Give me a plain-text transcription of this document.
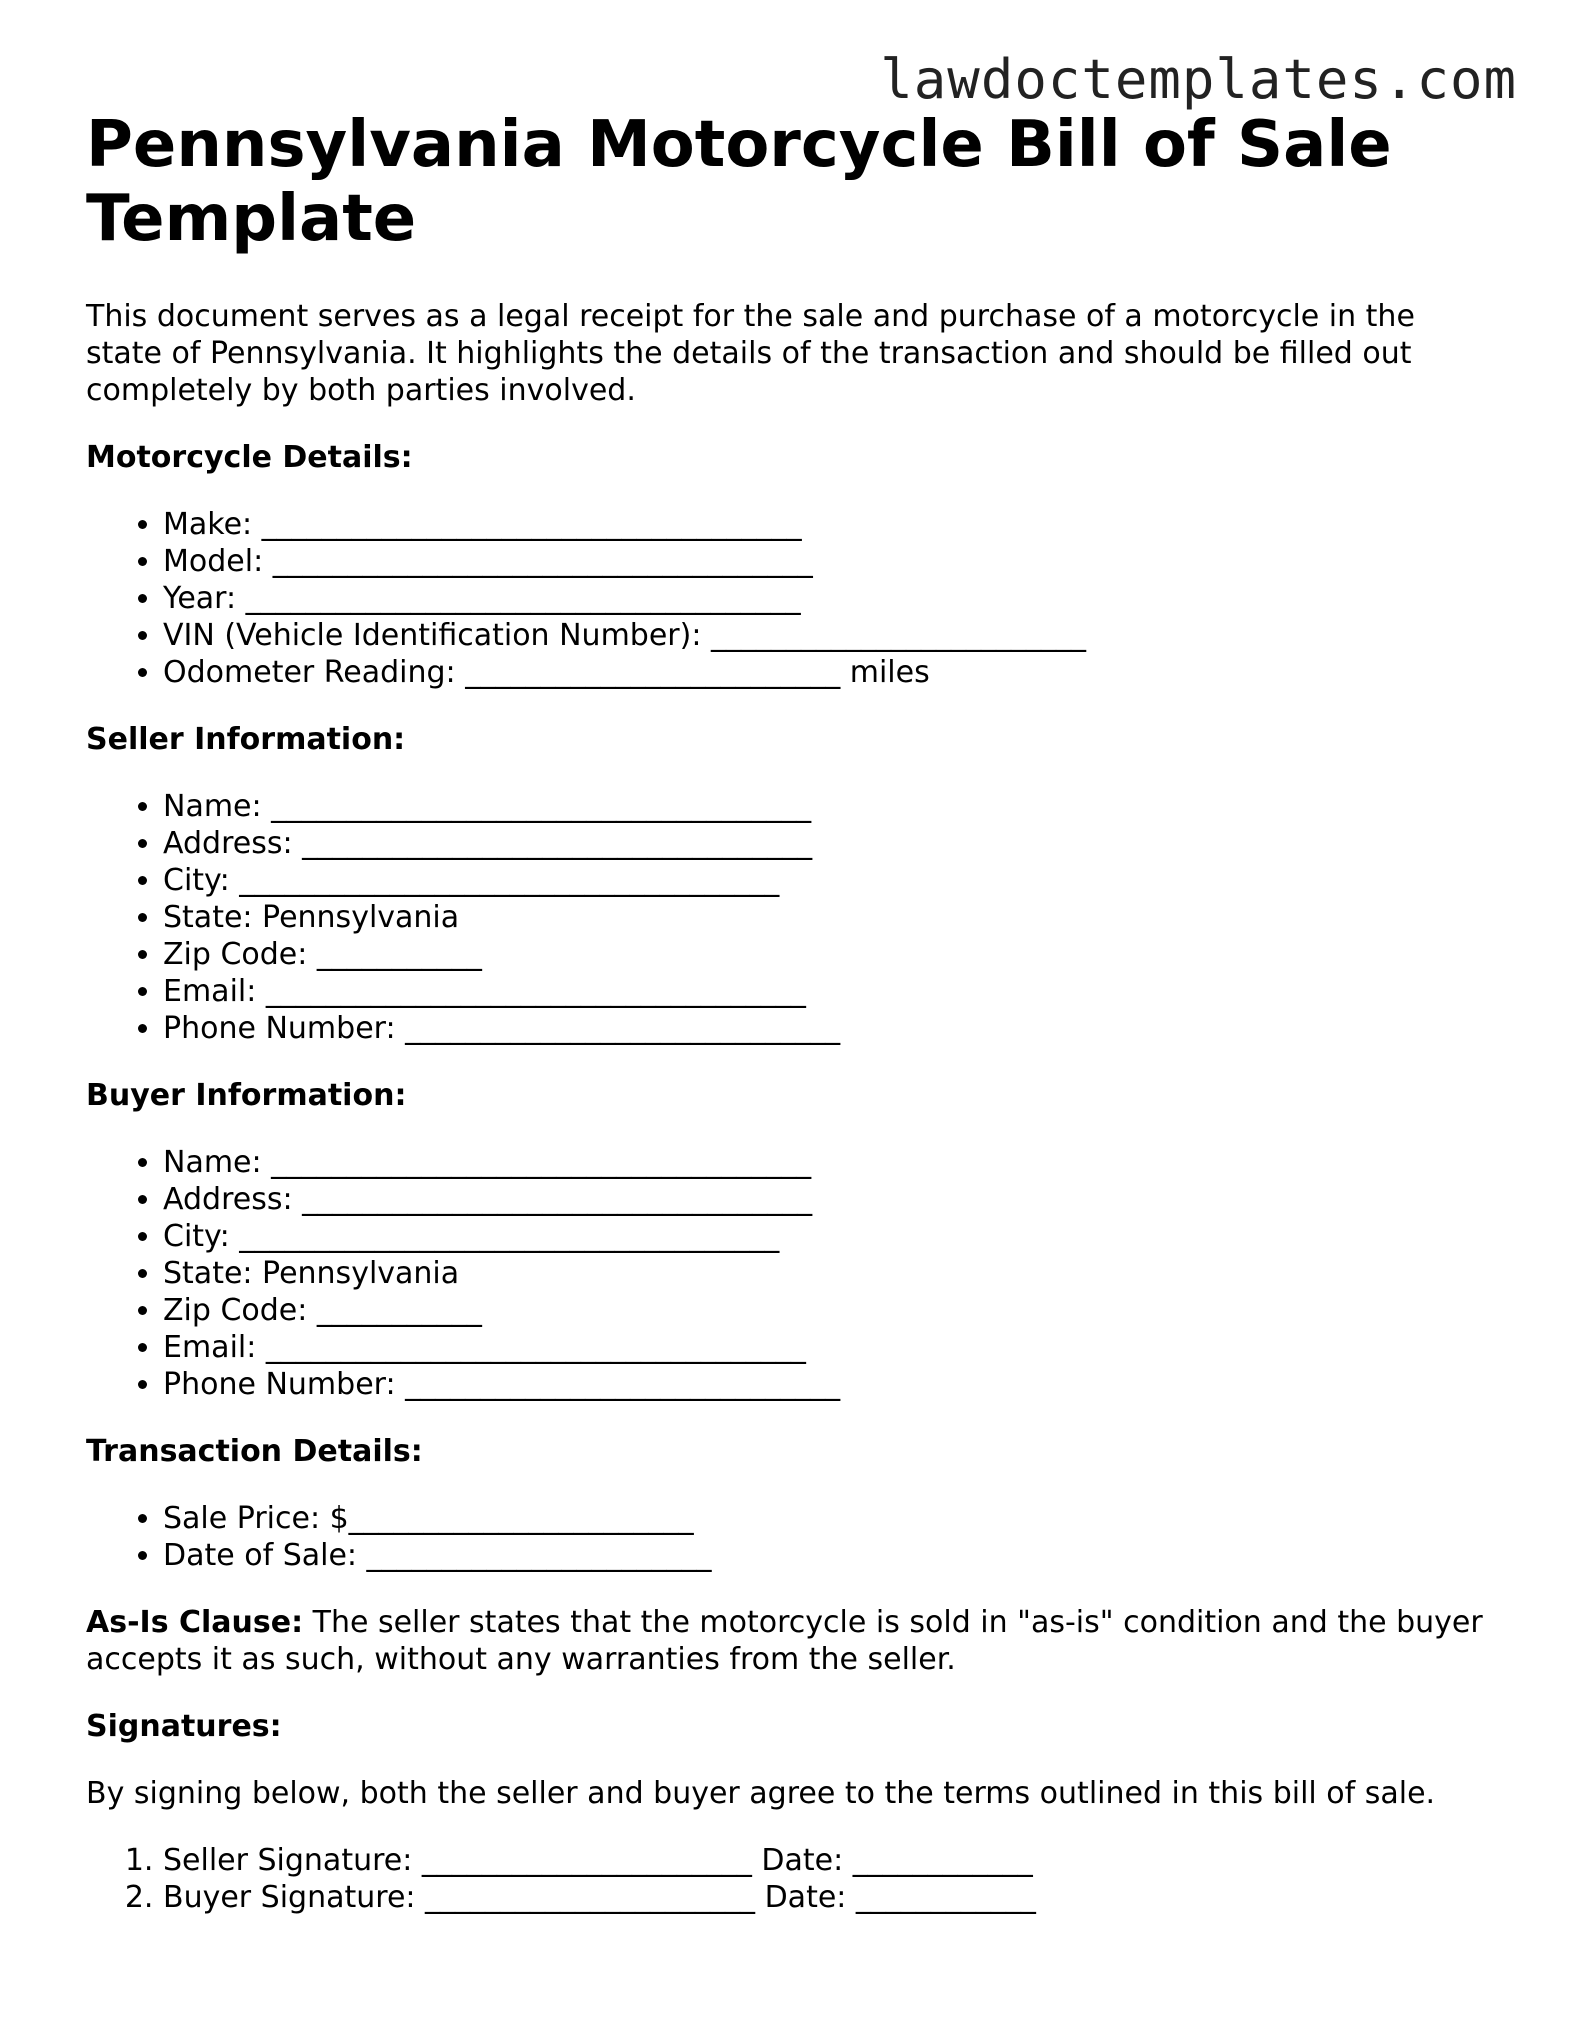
lawdoctemplates.com
Pennsylvania Motorcycle Bill of Sale Template

This document serves as a legal receipt for the sale and purchase of a motorcycle in the state of Pennsylvania. It highlights the details of the transaction and should be filled out completely by both parties involved.

Motorcycle Details:

• Make: ____________________________________
• Model: ____________________________________
• Year: _____________________________________
• VIN (Vehicle Identification Number): _________________________
• Odometer Reading: _________________________ miles

Seller Information:

• Name: ____________________________________
• Address: __________________________________
• City: ____________________________________
• State: Pennsylvania
• Zip Code: ___________
• Email: ____________________________________
• Phone Number: _____________________________

Buyer Information:

• Name: ____________________________________
• Address: __________________________________
• City: ____________________________________
• State: Pennsylvania
• Zip Code: ___________
• Email: ____________________________________
• Phone Number: _____________________________

Transaction Details:

• Sale Price: $_______________________
• Date of Sale: _______________________

As-Is Clause: The seller states that the motorcycle is sold in "as-is" condition and the buyer accepts it as such, without any warranties from the seller.

Signatures:

By signing below, both the seller and buyer agree to the terms outlined in this bill of sale.

1. Seller Signature: ______________________ Date: ____________
2. Buyer Signature: ______________________ Date: ____________
